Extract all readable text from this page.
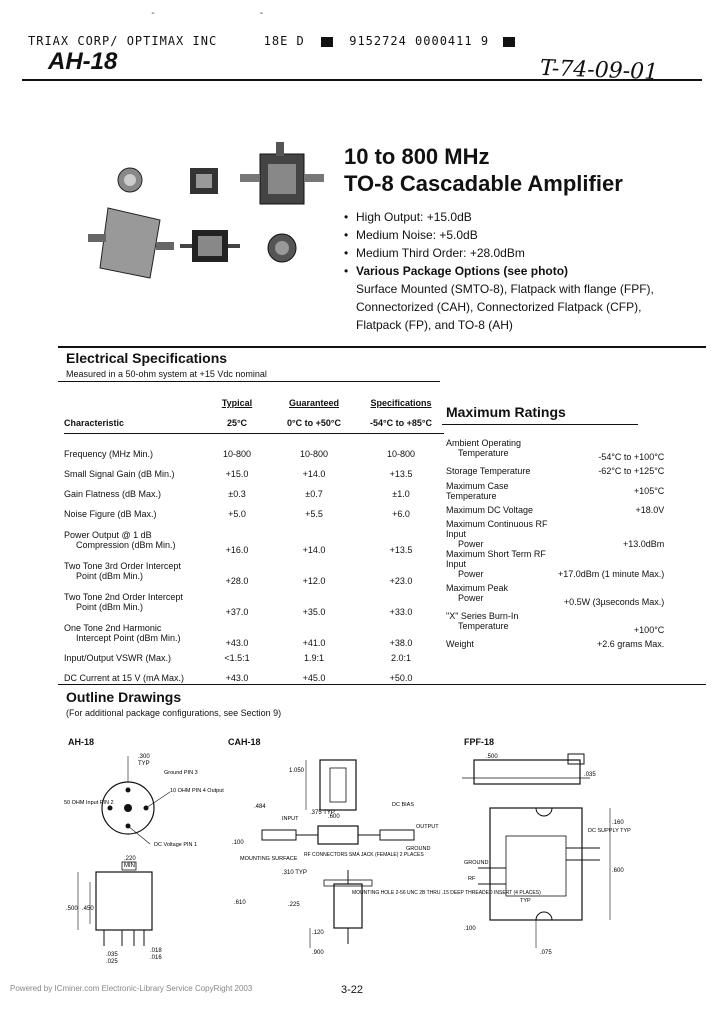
-                 -
TRIAX CORP/ OPTIMAX INC	18E D	9152724 0000411 9
AH-18	T-74-09-01
10 to 800 MHz
TO-8 Cascadable Amplifier
• High Output: +15.0dB
• Medium Noise: +5.0dB
• Medium Third Order: +28.0dBm
• Various Package Options (see photo)
Surface Mounted (SMTO-8), Flatpack with flange (FPF),
Connectorized (CAH), Connectorized Flatpack (CFP),
Flatpack (FP), and TO-8 (AH)
Electrical Specifications
Measured in a 50-ohm system at +15 Vdc nominal
	Typical	Guaranteed	Specifications
Characteristic	25°C	0°C to +50°C	-54°C to +85°C

Frequency (MHz Min.)	10-800	10-800	10-800
Small Signal Gain (dB Min.)	+15.0	+14.0	+13.5
Gain Flatness (dB Max.)	±0.3	±0.7	±1.0
Noise Figure (dB Max.)	+5.0	+5.5	+6.0

Power Output @ 1 dB
Compression (dBm Min.)	+16.0	+14.0	+13.5

Two Tone 3rd Order Intercept
Point (dBm Min.)	+28.0	+12.0	+23.0

Two Tone 2nd Order Intercept
Point (dBm Min.)	+37.0	+35.0	+33.0

One Tone 2nd Harmonic
Intercept Point (dBm Min.)	+43.0	+41.0	+38.0
Input/Output VSWR (Max.)	<1.5:1	1.9:1	2.0:1
DC Current at 15 V (mA Max.)	+43.0	+45.0	+50.0
Maximum Ratings
Ambient Operating
Temperature	-54°C to +100°C
Storage Temperature	-62°C to +125°C
Maximum Case Temperature	+105°C
Maximum DC Voltage	+18.0V

Maximum Continuous RF Input
Power	+13.0dBm

Maximum Short Term RF Input
Power	+17.0dBm (1 minute Max.)

Maximum Peak
Power	+0.5W (3µseconds Max.)

"X" Series Burn-In
Temperature	+100°C
Weight	+2.6 grams Max.
Outline Drawings
(For additional package configurations, see Section 9)
AH-18	CAH-18	FPF-18
.300
TYP
Ground PIN 3
10 OHM PIN 4 Output
50 OHM Input PIN 2
DC Voltage PIN 1
.220
MIN
.500 .450
.035
.025
.018
.016
1.050
.600
DC BIAS
INPUT
OUTPUT
GROUND
RF CONNECTORS SMA JACK (FEMALE) 2 PLACES
MOUNTING SURFACE
MOUNTING HOLE 2-56 UNC 2B THRU .15 DEEP THREADED INSERT (4 PLACES)
.375 TYP
.484
.100
.310 TYP
.610	.225
.120
.900
DC SUPPLY TYP
GROUND
RF
TYP
.500
.035
.160
.600
.100
.075
Powered by ICminer.com Electronic-Library Service CopyRight 2003	3-22
